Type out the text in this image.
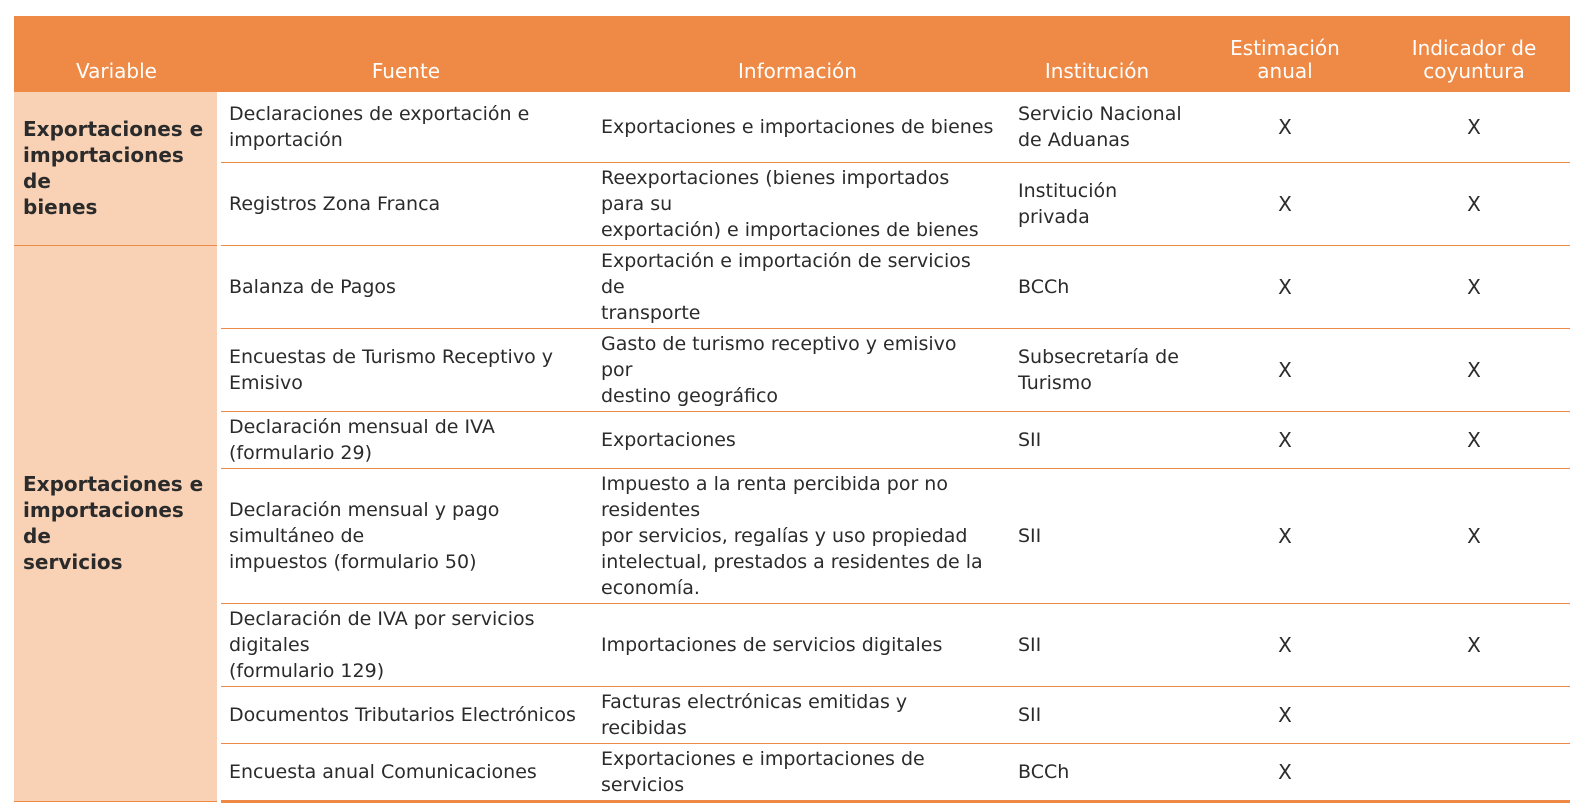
Variable	Fuente	Información	Institución	Estimación
anual	Indicador de
coyuntura
Exportaciones e
importaciones de
bienes	Declaraciones de exportación e importación	Exportaciones e importaciones de bienes	Servicio Nacional
de Aduanas	X	X
	Registros Zona Franca	Reexportaciones (bienes importados para su
exportación) e importaciones de bienes	Institución privada	X	X
Exportaciones e
importaciones de
servicios	Balanza de Pagos	Exportación e importación de servicios de
transporte	BCCh	X	X
	Encuestas de Turismo Receptivo y Emisivo	Gasto de turismo receptivo y emisivo por
destino geográfico	Subsecretaría de
Turismo	X	X
	Declaración mensual de IVA (formulario 29)	Exportaciones	SII	X	X
	Declaración mensual y pago simultáneo de
impuestos (formulario 50)	Impuesto a la renta percibida por no residentes
por servicios, regalías y uso propiedad
intelectual, prestados a residentes de la
economía.	SII	X	X
	Declaración de IVA por servicios digitales
(formulario 129)	Importaciones de servicios digitales	SII	X	X
	Documentos Tributarios Electrónicos	Facturas electrónicas emitidas y recibidas	SII	X	
	Encuesta anual Comunicaciones	Exportaciones e importaciones de servicios	BCCh	X	
